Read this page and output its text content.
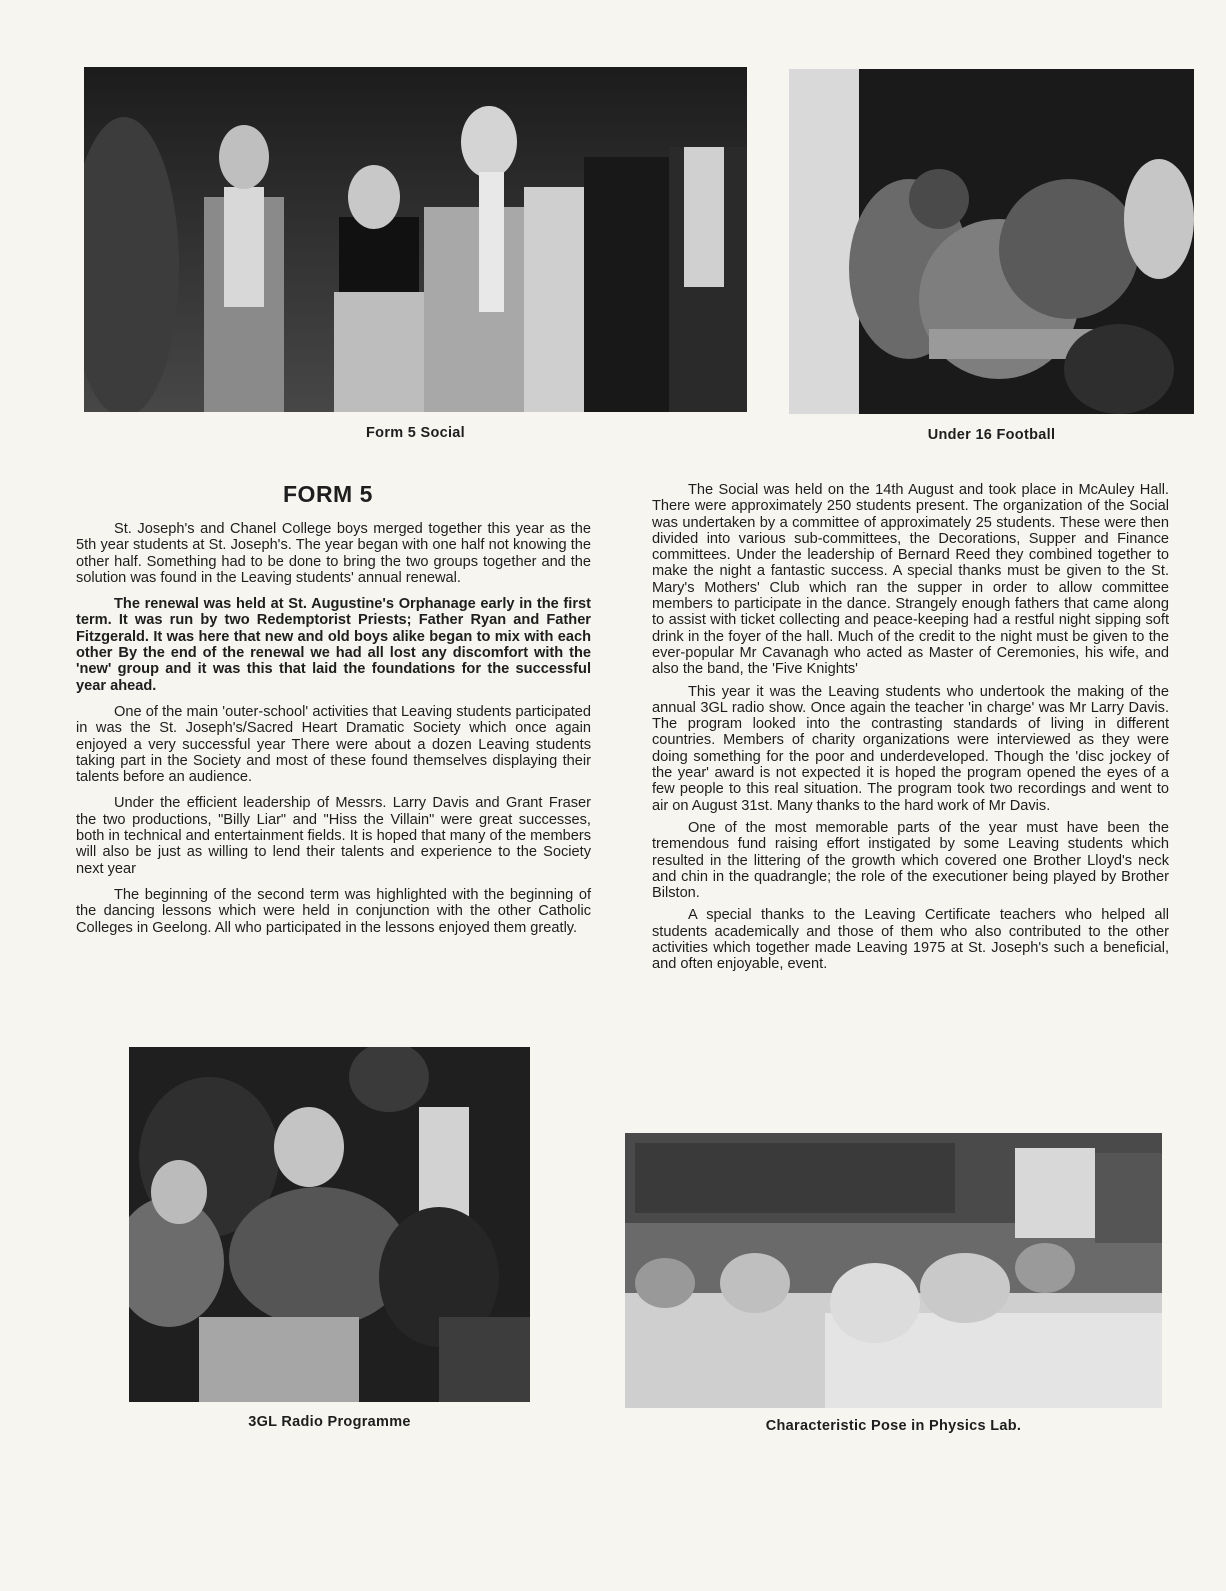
Form 5 Social	Under 16 Football
FORM 5

St. Joseph's and Chanel College boys merged together this year as the 5th year students at St. Joseph's. The year began with one half not knowing the other half. Something had to be done to bring the two groups together and the solution was found in the Leaving students' annual renewal.

The renewal was held at St. Augustine's Orphanage early in the first term. It was run by two Redemptorist Priests; Father Ryan and Father Fitzgerald. It was here that new and old boys alike began to mix with each other By the end of the renewal we had all lost any discomfort with the 'new' group and it was this that laid the foundations for the successful year ahead.

One of the main 'outer-school' activities that Leaving students participated in was the St. Joseph's/Sacred Heart Dramatic Society which once again enjoyed a very successful year There were about a dozen Leaving students taking part in the Society and most of these found themselves displaying their talents before an audience.

Under the efficient leadership of Messrs. Larry Davis and Grant Fraser the two productions, "Billy Liar" and "Hiss the Villain" were great successes, both in technical and entertainment fields. It is hoped that many of the members will also be just as willing to lend their talents and experience to the Society next year

The beginning of the second term was highlighted with the beginning of the dancing lessons which were held in conjunction with the other Catholic Colleges in Geelong. All who participated in the lessons enjoyed them greatly.

The Social was held on the 14th August and took place in McAuley Hall. There were approximately 250 students present. The organization of the Social was undertaken by a committee of approximately 25 students. These were then divided into various sub-committees, the Decorations, Supper and Finance committees. Under the leadership of Bernard Reed they combined together to make the night a fantastic success. A special thanks must be given to the St. Mary's Mothers' Club which ran the supper in order to allow committee members to participate in the dance. Strangely enough fathers that came along to assist with ticket collecting and peace-keeping had a restful night sipping soft drink in the foyer of the hall. Much of the credit to the night must be given to the ever-popular Mr Cavanagh who acted as Master of Ceremonies, his wife, and also the band, the 'Five Knights'

This year it was the Leaving students who undertook the making of the annual 3GL radio show. Once again the teacher 'in charge' was Mr Larry Davis. The program looked into the contrasting standards of living in different countries. Members of charity organizations were interviewed as they were doing something for the poor and underdeveloped. Though the 'disc jockey of the year' award is not expected it is hoped the program opened the eyes of a few people to this real situation. The program took two recordings and went to air on August 31st. Many thanks to the hard work of Mr Davis.

One of the most memorable parts of the year must have been the tremendous fund raising effort instigated by some Leaving students which resulted in the littering of the growth which covered one Brother Lloyd's neck and chin in the quadrangle; the role of the executioner being played by Brother Bilston.

A special thanks to the Leaving Certificate teachers who helped all students academically and those of them who also contributed to the other activities which together made Leaving 1975 at St. Joseph's such a beneficial, and often enjoyable, event.

3GL Radio Programme	Characteristic Pose in Physics Lab.
